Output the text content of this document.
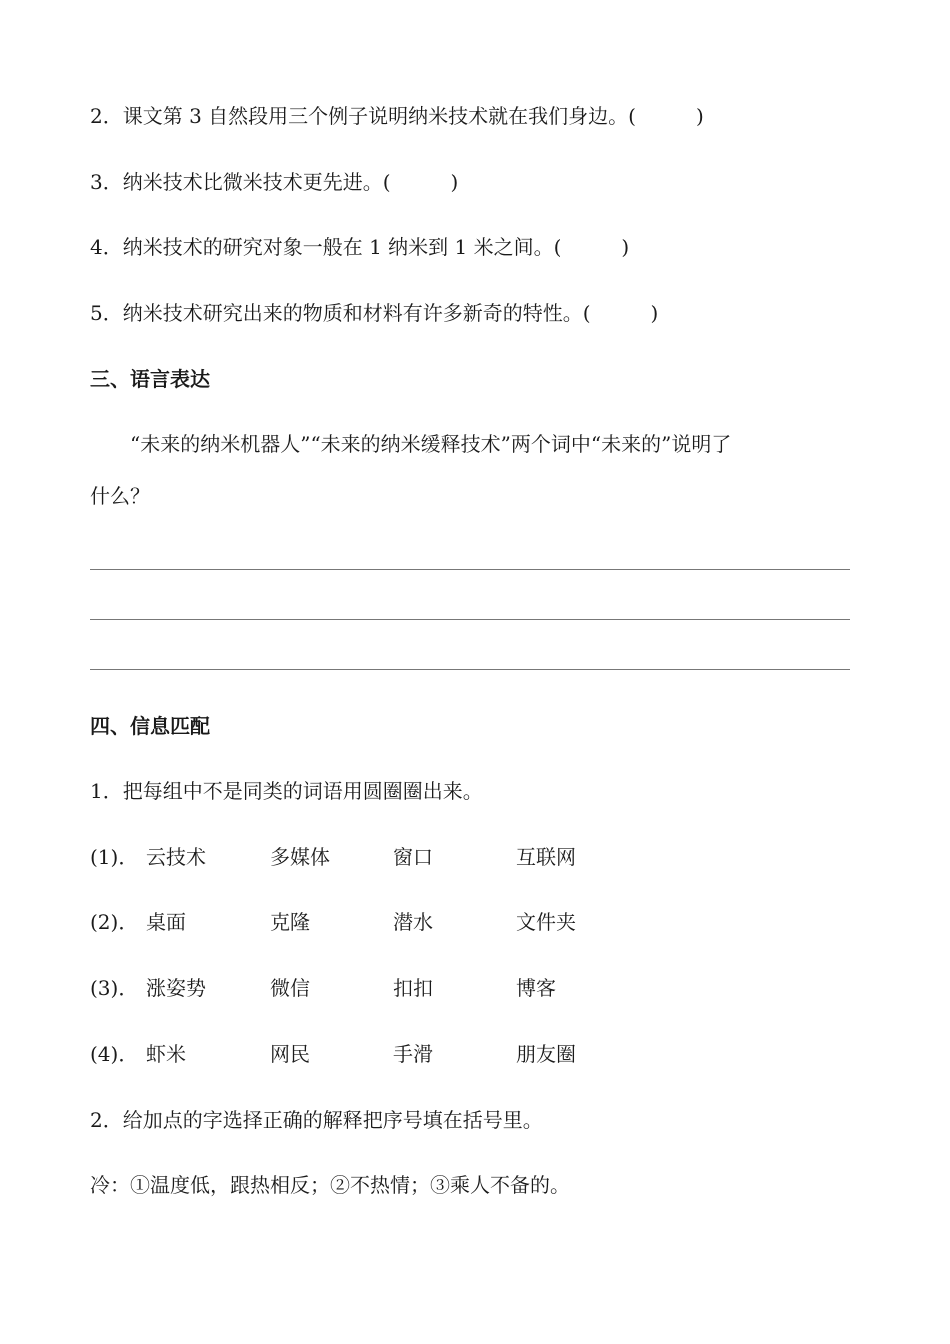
2．课文第 3 自然段用三个例子说明纳米技术就在我们身边。(　　　)
3．纳米技术比微米技术更先进。(　　　)
4．纳米技术的研究对象一般在 1 纳米到 1 米之间。(　　　)
5．纳米技术研究出来的物质和材料有许多新奇的特性。(　　　)
三、语言表达
“未来的纳米机器人”“未来的纳米缓释技术”两个词中“未来的”说明了
什么？
四、信息匹配
1．把每组中不是同类的词语用圆圈圈出来。
(1)． 云技术	多媒体	窗口	互联网
(2)． 桌面	克隆	潜水	文件夹
(3)． 涨姿势	微信	扣扣	博客
(4)． 虾米	网民	手滑	朋友圈
2．给加点的字选择正确的解释把序号填在括号里。
冷：①温度低，跟热相反；②不热情；③乘人不备的。
